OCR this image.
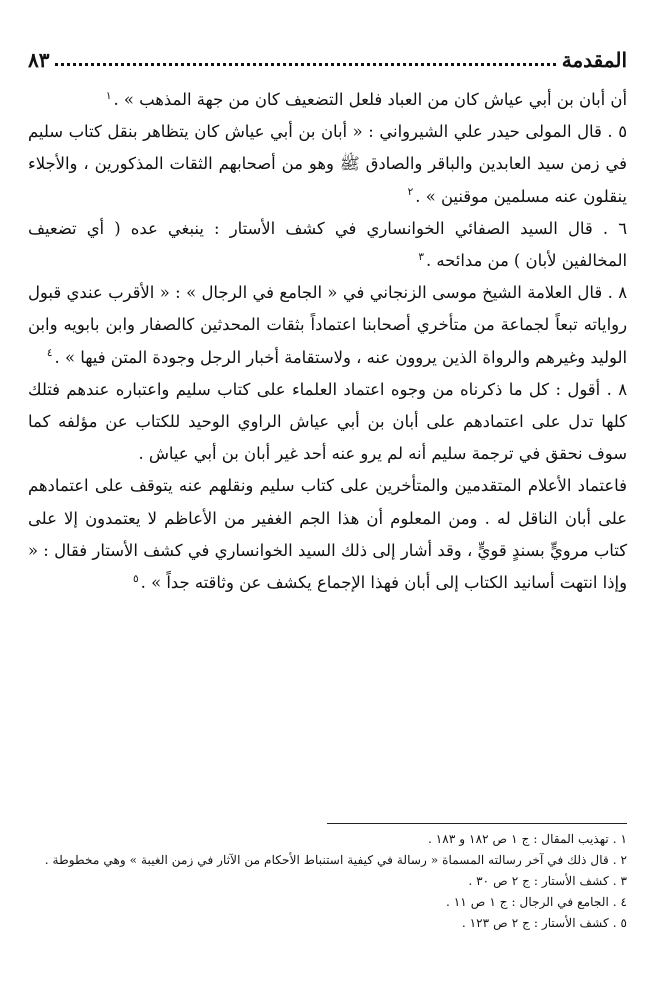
المقدمة
٨٣

أن أبان بن أبي عياش كان من العباد فلعل التضعيف كان من جهة المذهب » .$^١$

٥ . قال المولى حيدر علي الشيرواني : « أبان بن أبي عياش كان يتظاهر بنقل كتاب سليم في زمن سيد العابدين والباقر والصادق ﷺ وهو من أصحابهم الثقات المذكورين ، والأجلاء ينقلون عنه مسلمين موقنين » .$^٢$

٦ . قال السيد الصفائي الخوانساري في كشف الأستار : ينبغي عده ( أي تضعيف المخالفين لأبان ) من مدائحه .$^٣$

٨ . قال العلامة الشيخ موسى الزنجاني في « الجامع في الرجال » : « الأقرب عندي قبول رواياته تبعاً لجماعة من متأخري أصحابنا اعتماداً بثقات المحدثين كالصفار وابن بابويه وابن الوليد وغيرهم والرواة الذين يروون عنه ، ولاستقامة أخبار الرجل وجودة المتن فيها » .$^٤$

٨ . أقول : كل ما ذكرناه من وجوه اعتماد العلماء على كتاب سليم واعتباره عندهم فتلك كلها تدل على اعتمادهم على أبان بن أبي عياش الراوي الوحيد للكتاب عن مؤلفه كما سوف نحقق في ترجمة سليم أنه لم يرو عنه أحد غير أبان بن أبي عياش .

فاعتماد الأعلام المتقدمين والمتأخرين على كتاب سليم ونقلهم عنه يتوقف على اعتمادهم على أبان الناقل له . ومن المعلوم أن هذا الجم الغفير من الأعاظم لا يعتمدون إلا على كتاب مرويٍّ بسندٍ قويٍّ ، وقد أشار إلى ذلك السيد الخوانساري في كشف الأستار فقال : « وإذا انتهت أسانيد الكتاب إلى أبان فهذا الإجماع يكشف عن وثاقته جداً » .$^٥$

١ . تهذيب المقال : ج ١ ص ١٨٢ و ١٨٣ .

٢ . قال ذلك في آخر رسالته المسماة « رسالة في كيفية استنباط الأحكام من الآثار في زمن الغيبة » وهي مخطوطة .

٣ . كشف الأستار : ج ٢ ص ٣٠ .

٤ . الجامع في الرجال : ج ١ ص ١١ .

٥ . كشف الأستار : ج ٢ ص ١٢٣ .
